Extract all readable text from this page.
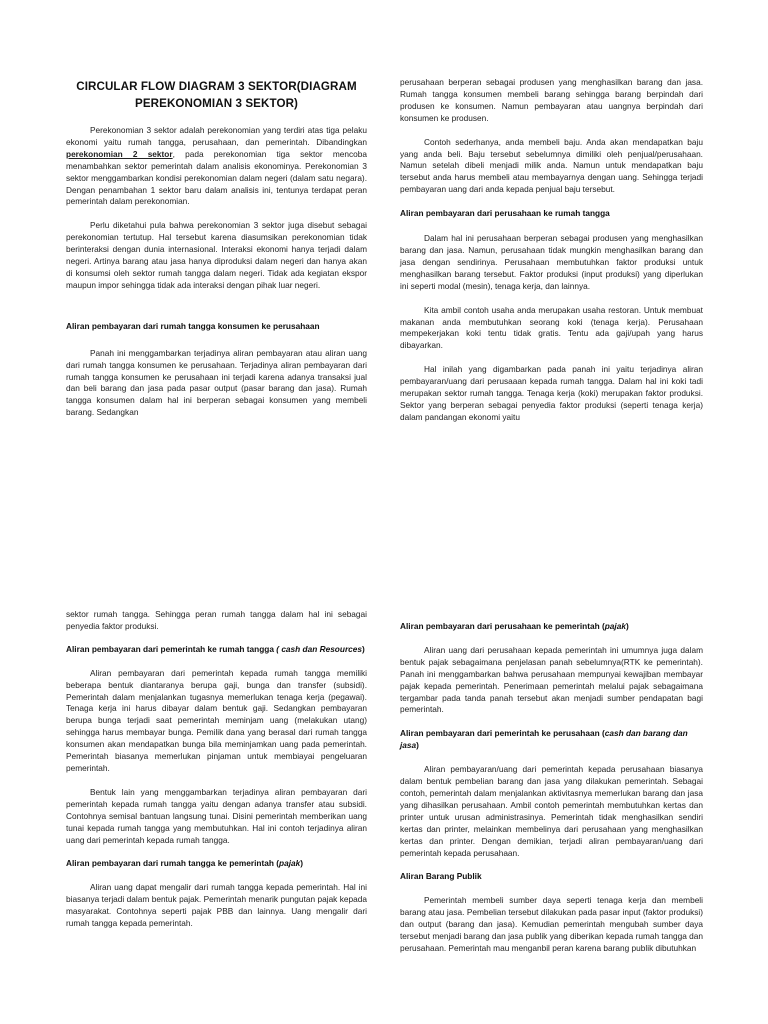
CIRCULAR FLOW DIAGRAM 3 SEKTOR(DIAGRAM
PEREKONOMIAN 3 SEKTOR)

Perekonomian 3 sektor adalah perekonomian yang terdiri atas tiga pelaku ekonomi yaitu rumah tangga, perusahaan, dan pemerintah. Dibandingkan perekonomian 2 sektor, pada perekonomian tiga sektor mencoba menambahkan sektor pemerintah dalam analisis ekonominya. Perekonomian 3 sektor menggambarkan kondisi perekonomian dalam negeri (dalam satu negara). Dengan penambahan 1 sektor baru dalam analisis ini, tentunya terdapat peran pemerintah dalam perekonomian.

Perlu diketahui pula bahwa perekonomian 3 sektor juga disebut sebagai perekonomian tertutup. Hal tersebut karena diasumsikan perekonomian tidak berinteraksi dengan dunia internasional. Interaksi ekonomi hanya terjadi dalam negeri. Artinya barang atau jasa hanya diproduksi dalam negeri dan hanya akan di konsumsi oleh sektor rumah tangga dalam negeri. Tidak ada kegiatan ekspor maupun impor sehingga tidak ada interaksi dengan pihak luar negeri.

Aliran pembayaran dari rumah tangga konsumen ke perusahaan

Panah ini menggambarkan terjadinya aliran pembayaran atau aliran uang dari rumah tangga konsumen ke perusahaan. Terjadinya aliran pembayaran dari rumah tangga konsumen ke perusahaan ini terjadi karena adanya transaksi jual dan beli barang dan jasa pada pasar output (pasar barang dan jasa). Rumah tangga konsumen dalam hal ini berperan sebagai konsumen yang membeli barang. Sedangkan

perusahaan berperan sebagai produsen yang menghasilkan barang dan jasa. Rumah tangga konsumen membeli barang sehingga barang berpindah dari produsen ke konsumen. Namun pembayaran atau uangnya berpindah dari konsumen ke produsen.

Contoh sederhanya, anda membeli baju. Anda akan mendapatkan baju yang anda beli. Baju tersebut sebelumnya dimiliki oleh penjual/perusahaan. Namun setelah dibeli menjadi milik anda. Namun untuk mendapatkan baju tersebut anda harus membeli atau membayarnya dengan uang. Sehingga terjadi pembayaran uang dari anda kepada penjual baju tersebut.

Aliran pembayaran dari perusahaan ke rumah tangga

Dalam hal ini perusahaan berperan sebagai produsen yang menghasilkan barang dan jasa. Namun, perusahaan tidak mungkin menghasilkan barang dan jasa dengan sendirinya. Perusahaan membutuhkan faktor produksi untuk menghasilkan barang tersebut. Faktor produksi (input produksi) yang diperlukan ini seperti modal (mesin), tenaga kerja, dan lainnya.

Kita ambil contoh usaha anda merupakan usaha restoran. Untuk membuat makanan anda membutuhkan seorang koki (tenaga kerja). Perusahaan mempekerjakan koki tentu tidak gratis. Tentu ada gaji/upah yang harus dibayarkan.

Hal inilah yang digambarkan pada panah ini yaitu terjadinya aliran pembayaran/uang dari perusaaan kepada rumah tangga. Dalam hal ini koki tadi merupakan sektor rumah tangga. Tenaga kerja (koki) merupakan faktor produksi. Sektor yang berperan sebagai penyedia faktor produksi (seperti tenaga kerja) dalam pandangan ekonomi yaitu

sektor rumah tangga. Sehingga peran rumah tangga dalam hal ini sebagai penyedia faktor produksi.

Aliran pembayaran dari pemerintah ke rumah tangga ( cash dan Resources)

Aliran pembayaran dari pemerintah kepada rumah tangga memiliki beberapa bentuk diantaranya berupa gaji, bunga dan transfer (subsidi). Pemerintah dalam menjalankan tugasnya memerlukan tenaga kerja (pegawai). Tenaga kerja ini harus dibayar dalam bentuk gaji. Sedangkan pembayaran berupa bunga terjadi saat pemerintah meminjam uang (melakukan utang) sehingga harus membayar bunga. Pemilik dana yang berasal dari rumah tangga konsumen akan mendapatkan bunga bila meminjamkan uang pada pemerintah. Pemerintah biasanya memerlukan pinjaman untuk membiayai pengeluaran pemerintah.

Bentuk lain yang menggambarkan terjadinya aliran pembayaran dari pemerintah kepada rumah tangga yaitu dengan adanya transfer atau subsidi. Contohnya semisal bantuan langsung tunai. Disini pemerintah memberikan uang tunai kepada rumah tangga yang membutuhkan. Hal ini contoh terjadinya aliran uang dari pemerintah kepada rumah tangga.

Aliran pembayaran dari rumah tangga ke pemerintah (pajak)

Aliran uang dapat mengalir dari rumah tangga kepada pemerintah. Hal ini biasanya terjadi dalam bentuk pajak. Pemerintah menarik pungutan pajak kepada masyarakat. Contohnya seperti pajak PBB dan lainnya. Uang mengalir dari rumah tangga kepada pemerintah.

Aliran pembayaran dari perusahaan ke pemerintah (pajak)

Aliran uang dari perusahaan kepada pemerintah ini umumnya juga dalam bentuk pajak sebagaimana penjelasan panah sebelumnya(RTK ke pemerintah). Panah ini menggambarkan bahwa perusahaan mempunyai kewajiban membayar pajak kepada pemerintah. Penerimaan pemerintah melalui pajak sebagaimana tergambar pada tanda panah tersebut akan menjadi sumber pendapatan bagi pemerintah.

Aliran pembayaran dari pemerintah ke perusahaan (cash dan barang dan jasa)

Aliran pembayaran/uang dari pemerintah kepada perusahaan biasanya dalam bentuk pembelian barang dan jasa yang dilakukan pemerintah. Sebagai contoh, pemerintah dalam menjalankan aktivitasnya memerlukan barang dan jasa yang dihasilkan perusahaan. Ambil contoh pemerintah membutuhkan kertas dan printer untuk urusan administrasinya. Pemerintah tidak menghasilkan sendiri kertas dan printer, melainkan membelinya dari perusahaan yang menghasilkan kertas dan printer. Dengan demikian, terjadi aliran pembayaran/uang dari pemerintah kepada perusahaan.

Aliran Barang Publik

Pemerintah membeli sumber daya seperti tenaga kerja dan membeli barang atau jasa. Pembelian tersebut dilakukan pada pasar input (faktor produksi) dan output (barang dan jasa). Kemudian pemerintah mengubah sumber daya tersebut menjadi barang dan jasa publik yang diberikan kepada rumah tangga dan perusahaan. Pemerintah mau menganbil peran karena barang publik dibutuhkan
